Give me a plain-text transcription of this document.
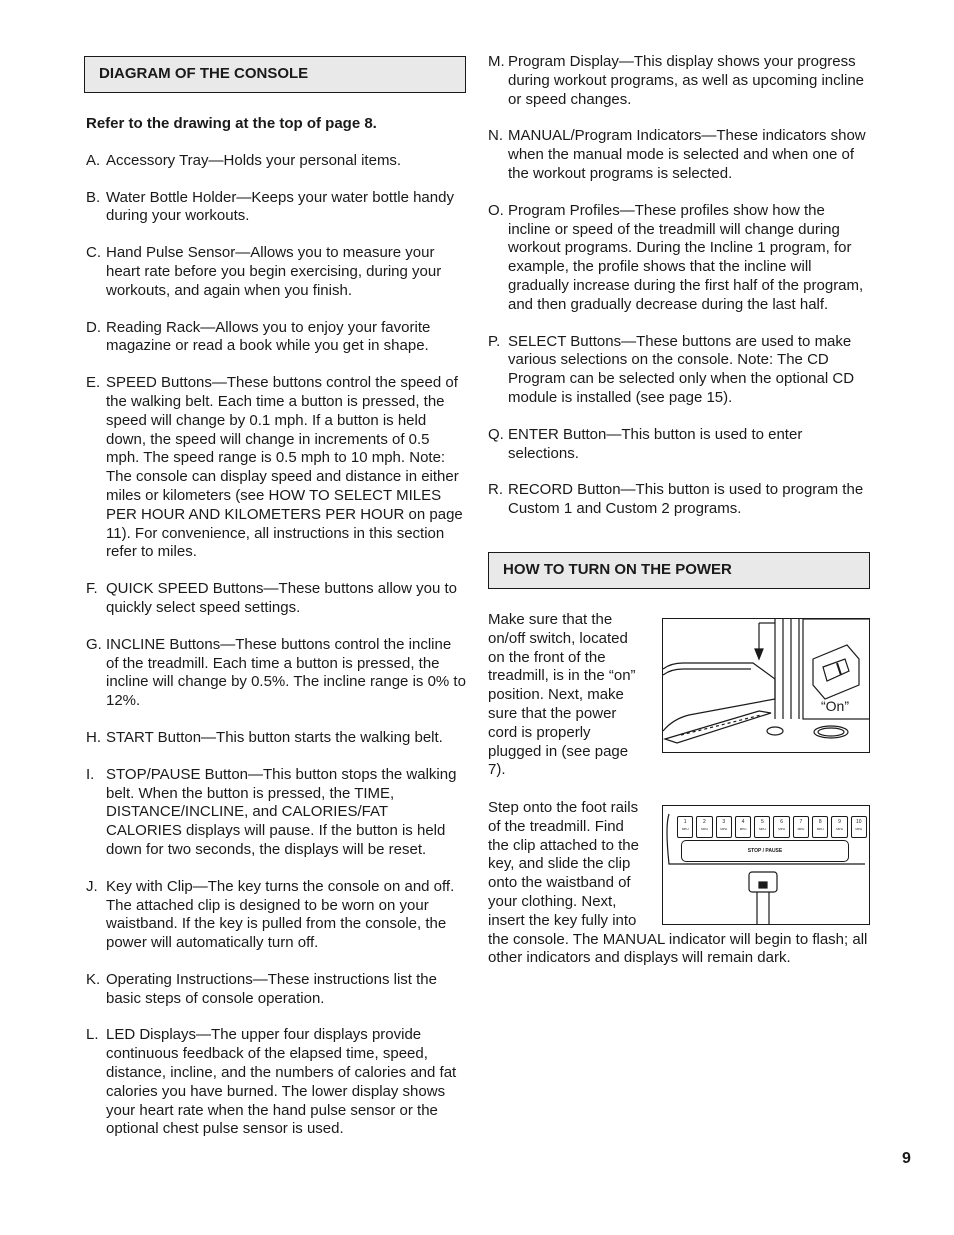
DIAGRAM OF THE CONSOLE

Refer to the drawing at the top of page 8.

A. Accessory Tray—Holds your personal items.
B. Water Bottle Holder—Keeps your water bottle handy during your workouts.
C. Hand Pulse Sensor—Allows you to measure your heart rate before you begin exercising, during your workouts, and again when you finish.
D. Reading Rack—Allows you to enjoy your favorite magazine or read a book while you get in shape.
E. SPEED Buttons—These buttons control the speed of the walking belt. Each time a button is pressed, the speed will change by 0.1 mph. If a button is held down, the speed will change in increments of 0.5 mph. The speed range is 0.5 mph to 10 mph. Note: The console can display speed and distance in either miles or kilometers (see HOW TO SELECT MILES PER HOUR AND KILOMETERS PER HOUR on page 11). For convenience, all instructions in this section refer to miles.
F. QUICK SPEED Buttons—These buttons allow you to quickly select speed settings.
G. INCLINE Buttons—These buttons control the incline of the treadmill. Each time a button is pressed, the incline will change by 0.5%. The incline range is 0% to 12%.
H. START Button—This button starts the walking belt.
I. STOP/PAUSE Button—This button stops the walking belt. When the button is pressed, the TIME, DISTANCE/INCLINE, and CALORIES/FAT CALORIES displays will pause. If the button is held down for two seconds, the displays will be reset.
J. Key with Clip—The key turns the console on and off. The attached clip is designed to be worn on your waistband. If the key is pulled from the console, the power will automatically turn off.
K. Operating Instructions—These instructions list the basic steps of console operation.
L. LED Displays—The upper four displays provide continuous feedback of the elapsed time, speed, distance, incline, and the numbers of calories and fat calories you have burned. The lower display shows your heart rate when the hand pulse sensor or the optional chest pulse sensor is used.
M. Program Display—This display shows your progress during workout programs, as well as upcoming incline or speed changes.
N. MANUAL/Program Indicators—These indicators show when the manual mode is selected and when one of the workout programs is selected.
O. Program Profiles—These profiles show how the incline or speed of the treadmill will change during workout programs. During the Incline 1 program, for example, the profile shows that the incline will gradually increase during the first half of the program, and then gradually decrease during the last half.
P. SELECT Buttons—These buttons are used to make various selections on the console. Note: The CD Program can be selected only when the optional CD module is installed (see page 15).
Q. ENTER Button—This button is used to enter selections.
R. RECORD Button—This button is used to program the Custom 1 and Custom 2 programs.
HOW TO TURN ON THE POWER

Make sure that the on/off switch, located on the front of the treadmill, is in the “on” position. Next, make sure that the power cord is properly plugged in (see page 7).

“On”

Step onto the foot rails of the treadmill. Find the clip attached to the key, and slide the clip onto the waistband of your clothing. Next, insert the key fully into the console. The MANUAL indicator will begin to flash; all other indicators and displays will remain dark.

1
MPH
2
MPH
3
MPH
4
MPH
5
MPH
6
MPH
7
MPH
8
MPH
9
MPH
10
MPH
STOP / PAUSE
9
